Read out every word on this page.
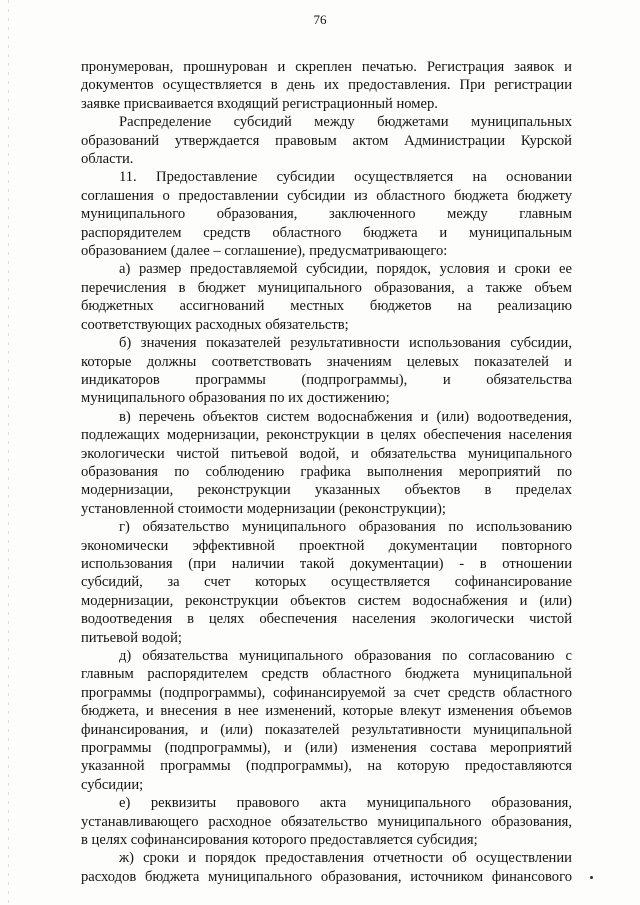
76
пронумерован, прошнурован и скреплен печатью. Регистрация заявок и
документов осуществляется в день их предоставления. При регистрации
заявке присваивается входящий регистрационный номер.
Распределение субсидий между бюджетами муниципальных
образований утверждается правовым актом Администрации Курской
области.
11. Предоставление субсидии осуществляется на основании
соглашения о предоставлении субсидии из областного бюджета бюджету
муниципального образования, заключенного между главным
распорядителем средств областного бюджета и муниципальным
образованием (далее – соглашение), предусматривающего:
а) размер предоставляемой субсидии, порядок, условия и сроки ее
перечисления в бюджет муниципального образования, а также объем
бюджетных ассигнований местных бюджетов на реализацию
соответствующих расходных обязательств;
б) значения показателей результативности использования субсидии,
которые должны соответствовать значениям целевых показателей и
индикаторов программы (подпрограммы), и обязательства
муниципального образования по их достижению;
в) перечень объектов систем водоснабжения и (или) водоотведения,
подлежащих модернизации, реконструкции в целях обеспечения населения
экологически чистой питьевой водой, и обязательства муниципального
образования по соблюдению графика выполнения мероприятий по
модернизации, реконструкции указанных объектов в пределах
установленной стоимости модернизации (реконструкции);
г) обязательство муниципального образования по использованию
экономически эффективной проектной документации повторного
использования (при наличии такой документации) - в отношении
субсидий, за счет которых осуществляется софинансирование
модернизации, реконструкции объектов систем водоснабжения и (или)
водоотведения в целях обеспечения населения экологически чистой
питьевой водой;
д) обязательства муниципального образования по согласованию с
главным распорядителем средств областного бюджета муниципальной
программы (подпрограммы), софинансируемой за счет средств областного
бюджета, и внесения в нее изменений, которые влекут изменения объемов
финансирования, и (или) показателей результативности муниципальной
программы (подпрограммы), и (или) изменения состава мероприятий
указанной программы (подпрограммы), на которую предоставляются
субсидии;
е) реквизиты правового акта муниципального образования,
устанавливающего расходное обязательство муниципального образования,
в целях софинансирования которого предоставляется субсидия;
ж) сроки и порядок предоставления отчетности об осуществлении
расходов бюджета муниципального образования, источником финансового
